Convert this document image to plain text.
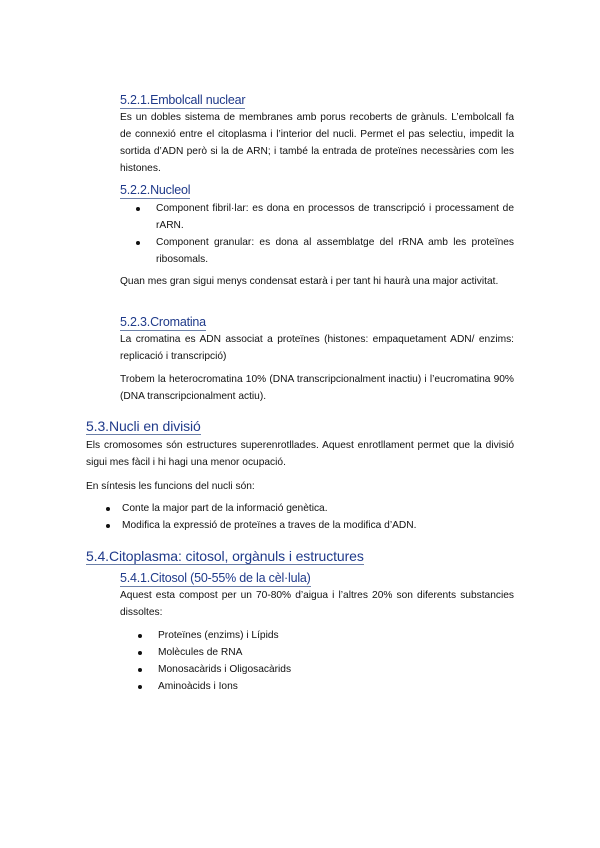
5.2.1.Embolcall nuclear
Es un dobles sistema de membranes amb porus recoberts de grànuls. L’embolcall fa de connexió entre el citoplasma i l’interior del nucli. Permet el pas selectiu, impedit la sortida d’ADN però si la de ARN; i també la entrada de proteïnes necessàries com les histones.
5.2.2.Nucleol
Component fibril·lar: es dona en processos de transcripció i processament de rARN.
Component granular: es dona al assemblatge del rRNA amb les proteïnes ribosomals.
Quan mes gran sigui menys condensat estarà i per tant hi haurà una major activitat.
5.2.3.Cromatina
La cromatina es ADN associat a proteïnes (histones: empaquetament ADN/ enzims: replicació i transcripció)
Trobem la heterocromatina 10% (DNA transcripcionalment inactiu) i l’eucromatina 90% (DNA transcripcionalment actiu).
5.3.Nucli en divisió
Els cromosomes són estructures superenrotllades. Aquest enrotllament permet que la divisió sigui mes fàcil i hi hagi una menor ocupació.
En síntesis les funcions del nucli són:
Conte la major part de la informació genètica.
Modifica la expressió de proteïnes a traves de la modifica d’ADN.
5.4.Citoplasma: citosol, orgànuls i estructures
5.4.1.Citosol (50-55% de la cèl·lula)
Aquest esta compost per un 70-80% d’aigua i l’altres 20% son diferents substancies dissoltes:
Proteïnes (enzims) i Lípids
Molècules de RNA
Monosacàrids i Oligosacàrids
Aminoàcids i Ions
